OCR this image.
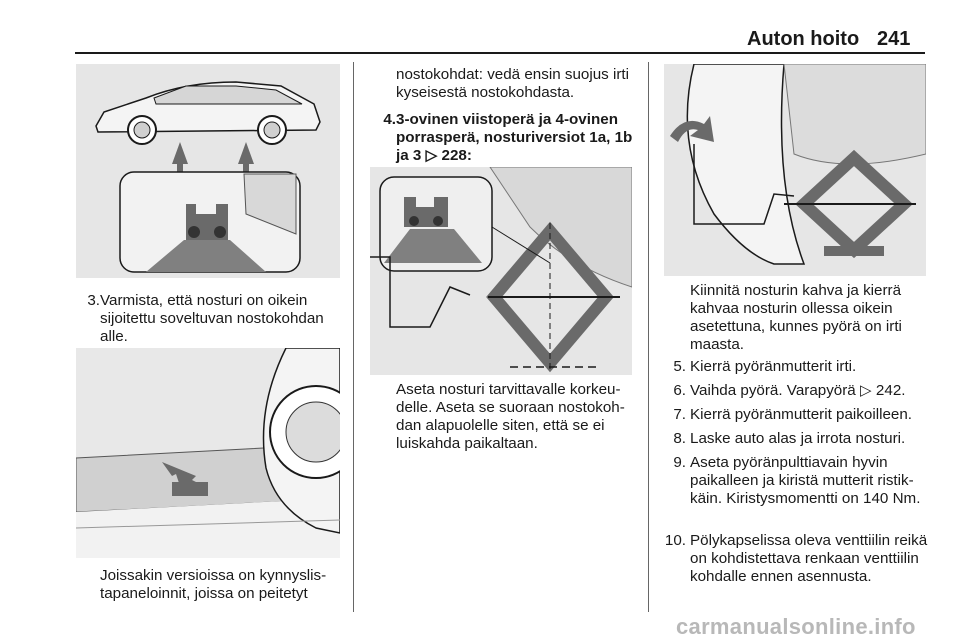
Auton hoito 241
3. Varmista, että nosturi on oikein sijoitettu soveltuvan nostokohdan alle.
Joissakin versioissa on kynnyslistapaneloinnit, joissa on peitetyt
nostokohdat: vedä ensin suojus irti kyseisestä nostokohdasta.
4. 3-ovinen viistoperä ja 4-ovinen porrasperä, nosturiversiot 1a, 1b ja 3 ▷ 228:
Aseta nosturi tarvittavalle korkeudelle. Aseta se suoraan nostokohdan alapuolelle siten, että se ei luiskahda paikaltaan.
Kiinnitä nosturin kahva ja kierrä kahvaa nosturin ollessa oikein asetettuna, kunnes pyörä on irti maasta.
5. Kierrä pyöränmutterit irti.
6. Vaihda pyörä. Varapyörä ▷ 242.
7. Kierrä pyöränmutterit paikoilleen.
8. Laske auto alas ja irrota nosturi.
9. Aseta pyöränpulttiavain hyvin paikalleen ja kiristä mutterit ristikkäin. Kiristysmomentti on 140 Nm.
10. Pölykapselissa oleva venttiilin reikä on kohdistettava renkaan venttiilin kohdalle ennen asennusta.
carmanualsonline.info
